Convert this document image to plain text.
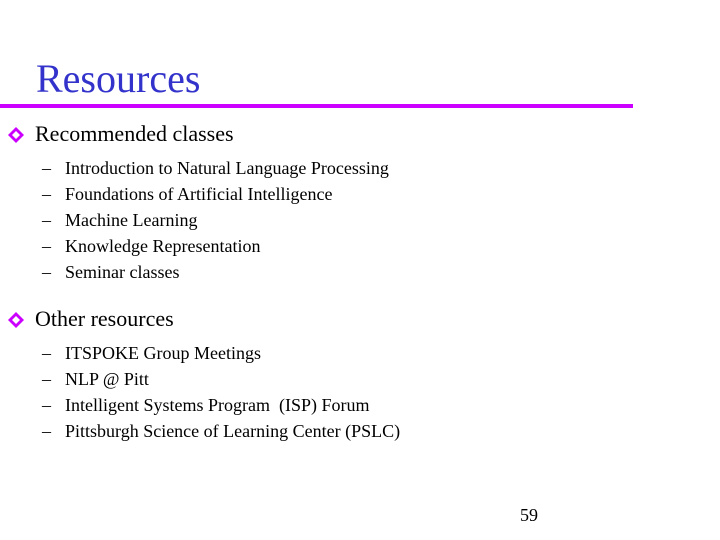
Resources
Recommended classes
– Introduction to Natural Language Processing
– Foundations of Artificial Intelligence
– Machine Learning
– Knowledge Representation
– Seminar classes
Other resources
– ITSPOKE Group Meetings
– NLP @ Pitt
– Intelligent Systems Program  (ISP) Forum
– Pittsburgh Science of Learning Center (PSLC)
59
